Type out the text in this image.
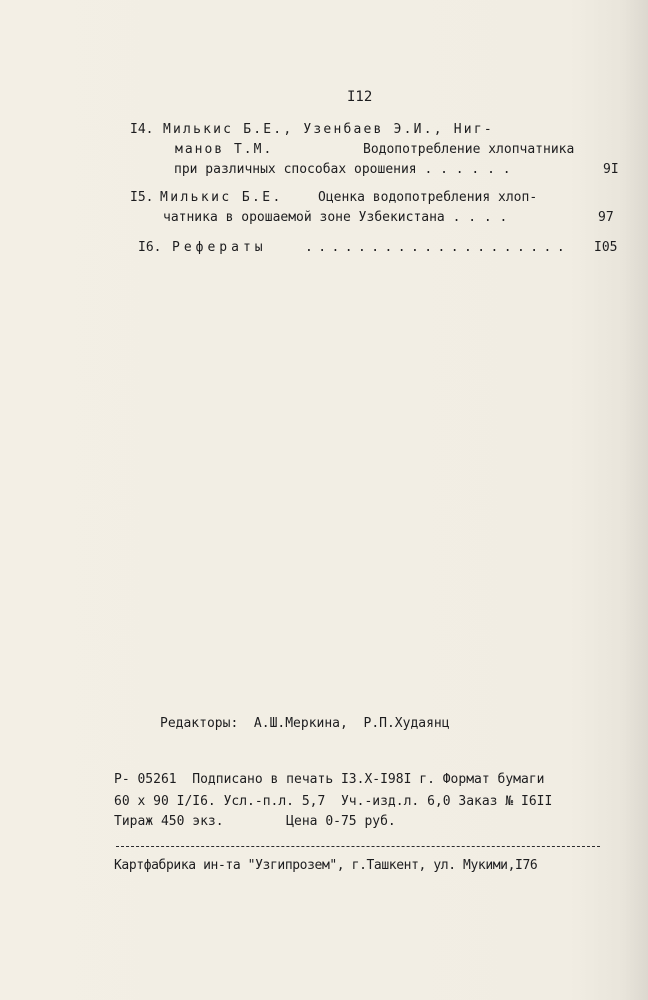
I12
I4. Милькис Б.Е., Узенбаев Э.И., Ниг-
манов Т.М.	Водопотребление хлопчатника
при различных способах орошения . . . . . .	9I
I5. Милькис Б.Е.	Оценка водопотребления хлоп-
чатника в орошаемой зоне Узбекистана . . . .	97
I6. Рефераты	. . . . . . . . . . . . . . . . . . . . I05
Редакторы:  А.Ш.Меркина,  Р.П.Худаянц
Р- 05261  Подписано в печать I3.X-I98I г. Формат бумаги
60 х 90 I/I6. Усл.-п.л. 5,7  Уч.-изд.л. 6,0 Заказ № I6II
Тираж 450 экз.        Цена 0-75 руб.
Картфабрика ин-та "Узгипрозем", г.Ташкент, ул. Мукими,I76
